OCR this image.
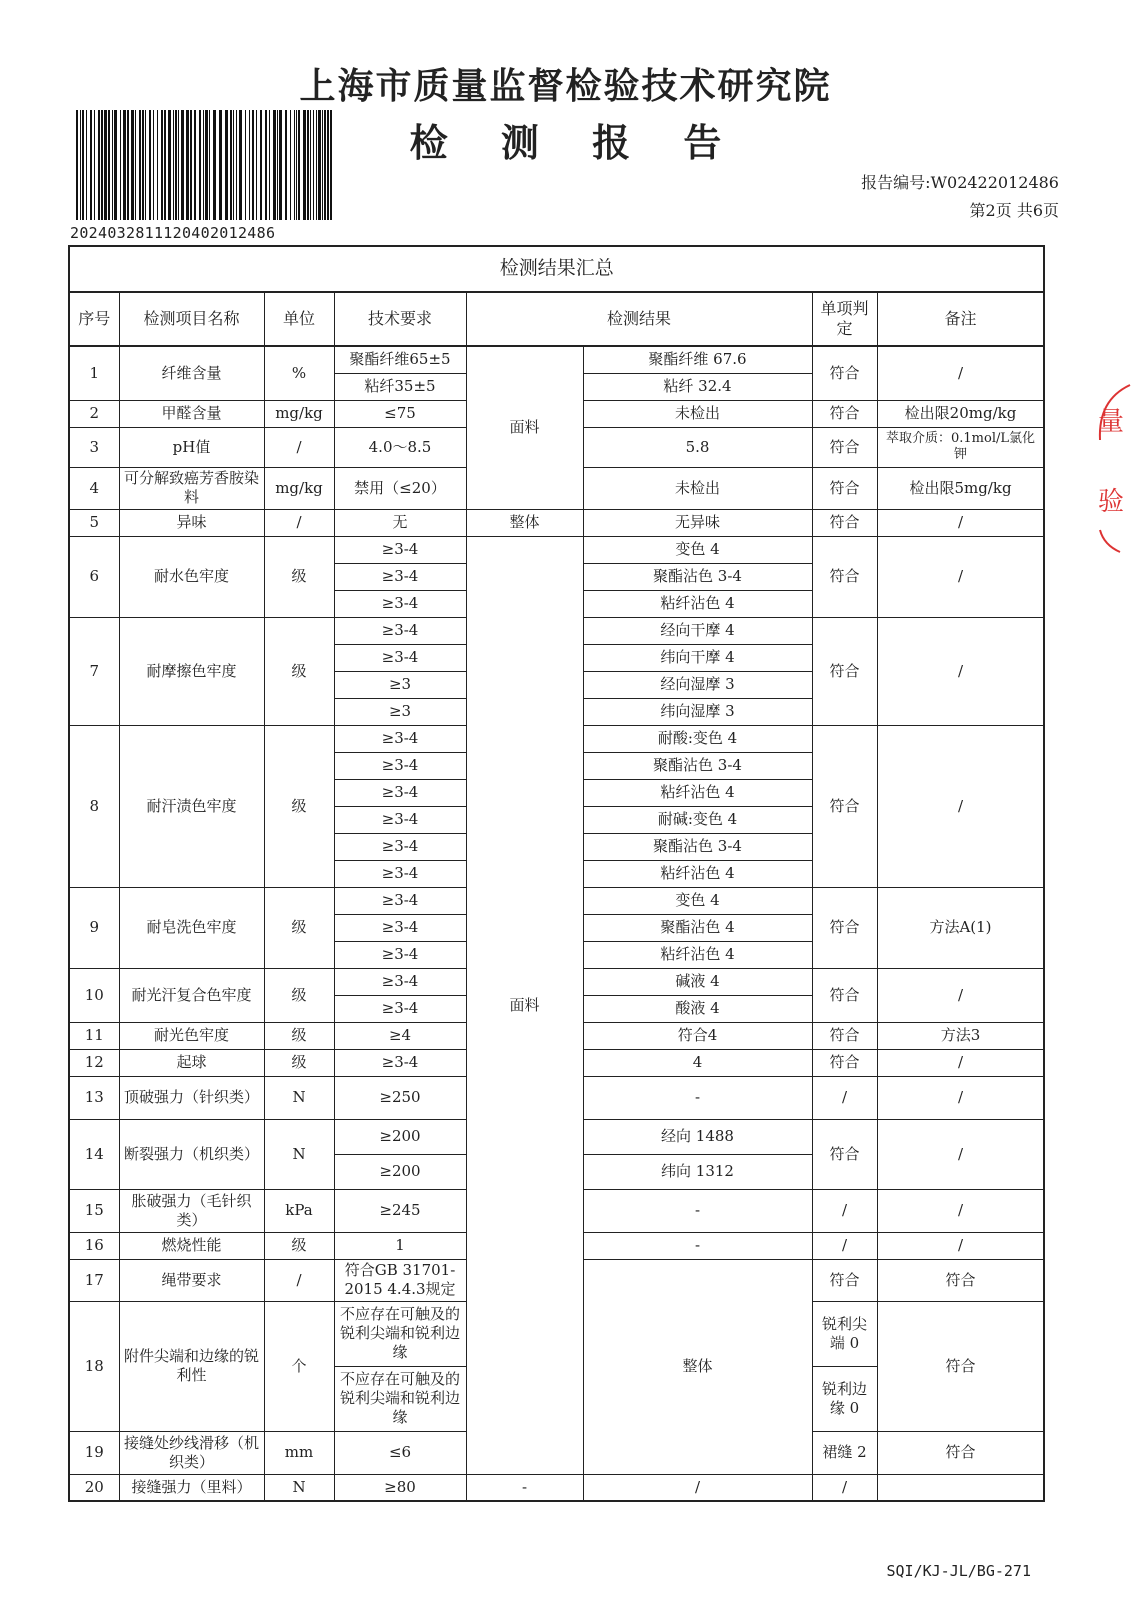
上海市质量监督检验技术研究院
检 测 报 告
20240328111204020124​86
报告编号:W02422012486
第2页 共6页
量
验
检测结果汇总								
序号	检测项目名称	单位	技术要求	检测结果		单项判定	备注	
1	纤维含量	%	聚酯纤维65±5	面料	聚酯纤维 67.6	符合	/	
			粘纤35±5		粘纤 32.4			
2	甲醛含量	mg/kg	≤75		未检出	符合	检出限20mg/kg	
3	pH值	/	4.0～8.5		5.8	符合	萃取介质：0.1mol/L氯化钾	
4	可分解致癌芳香胺染料	mg/kg	禁用（≤20）		未检出	符合	检出限5mg/kg	
5	异味	/	无	整体	无异味	符合	/	
6	耐水色牢度	级	≥3-4	面料	变色 4	符合	/	
			≥3-4		聚酯沾色 3-4			
			≥3-4		粘纤沾色 4			
7	耐摩擦色牢度	级	≥3-4		经向干摩 4	符合	/	
			≥3-4		纬向干摩 4			
			≥3		经向湿摩 3			
			≥3		纬向湿摩 3			
8	耐汗渍色牢度	级	≥3-4		耐酸:变色 4	符合	/	
			≥3-4		聚酯沾色 3-4			
			≥3-4		粘纤沾色 4			
			≥3-4		耐碱:变色 4			
			≥3-4		聚酯沾色 3-4			
			≥3-4		粘纤沾色 4			
9	耐皂洗色牢度	级	≥3-4		变色 4	符合	方法A(1)	
			≥3-4		聚酯沾色 4			
			≥3-4		粘纤沾色 4			
10	耐光汗复合色牢度	级	≥3-4		碱液 4	符合	/	
			≥3-4		酸液 4			
11	耐光色牢度	级	≥4		符合4	符合	方法3	
12	起球	级	≥3-4		4	符合	/	
13	顶破强力（针织类）	N	≥250		-	/	/	
14	断裂强力（机织类）	N	≥200		经向 1488	符合	/	
			≥200		纬向 1312			
15	胀破强力（毛针织类）	kPa	≥245		-	/	/	
16	燃烧性能	级	1		-	/	/	
17	绳带要求	/	符合GB 31701-2015 4.4.3规定		整体	符合	符合	
18	附件尖端和边缘的锐利性	个	不应存在可触及的锐利尖端和锐利边缘			锐利尖端 0	符合	
			不应存在可触及的锐利尖端和锐利边缘			锐利边缘 0		
19	接缝处纱线滑移（机织类）	mm	≤6			裙缝 2	符合	
20	接缝强力（里料）	N	≥80	-	/	/		
SQI/KJ-JL/BG-271
